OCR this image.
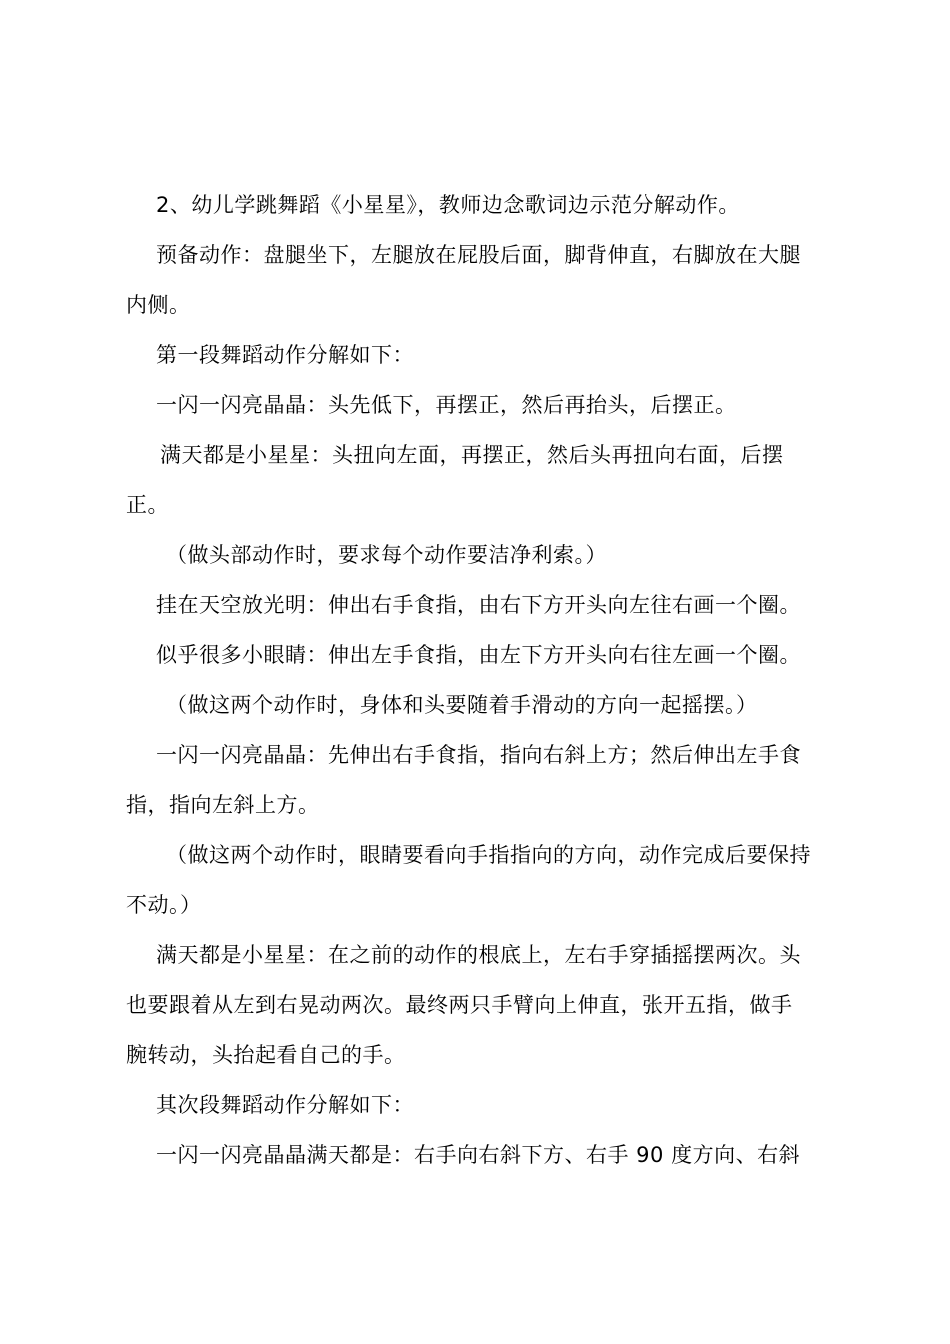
2、幼儿学跳舞蹈《小星星》，教师边念歌词边示范分解动作。
预备动作：盘腿坐下，左腿放在屁股后面，脚背伸直，右脚放在大腿
内侧。
第一段舞蹈动作分解如下：
一闪一闪亮晶晶：头先低下，再摆正，然后再抬头，后摆正。
满天都是小星星：头扭向左面，再摆正，然后头再扭向右面，后摆
正。
（做头部动作时，要求每个动作要洁净利索。）
挂在天空放光明：伸出右手食指，由右下方开头向左往右画一个圈。
似乎很多小眼睛：伸出左手食指，由左下方开头向右往左画一个圈。
（做这两个动作时，身体和头要随着手滑动的方向一起摇摆。）
一闪一闪亮晶晶：先伸出右手食指，指向右斜上方；然后伸出左手食
指，指向左斜上方。
（做这两个动作时，眼睛要看向手指指向的方向，动作完成后要保持
不动。）
满天都是小星星：在之前的动作的根底上，左右手穿插摇摆两次。头
也要跟着从左到右晃动两次。最终两只手臂向上伸直，张开五指，做手
腕转动，头抬起看自己的手。
其次段舞蹈动作分解如下：
一闪一闪亮晶晶满天都是：右手向右斜下方、右手 90 度方向、右斜
